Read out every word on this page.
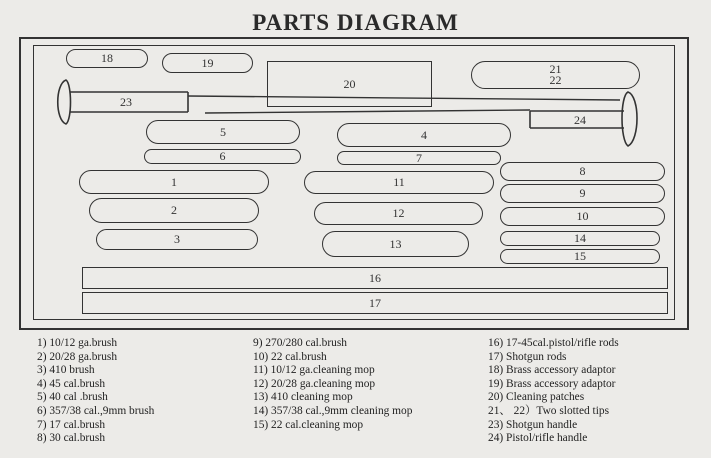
PARTS DIAGRAM
18	19
20
21
22
23
24
5
6
1
2
3
4
7
11
12
13
8
9
10
14
15
16
17
1) 10/12 ga.brush
2) 20/28 ga.brush
3) 410 brush
4) 45 cal.brush
5) 40 cal .brush
6) 357/38 cal.,9mm brush
7) 17 cal.brush
8) 30 cal.brush
9) 270/280 cal.brush
10) 22 cal.brush
11) 10/12 ga.cleaning mop
12) 20/28 ga.cleaning mop
13) 410 cleaning mop
14) 357/38 cal.,9mm cleaning mop
15) 22 cal.cleaning mop
16) 17-45cal.pistol/rifle rods
17) Shotgun rods
18) Brass accessory adaptor
19) Brass accessory adaptor
20) Cleaning patches
21、 22）Two slotted tips
23) Shotgun handle
24) Pistol/rifle handle
